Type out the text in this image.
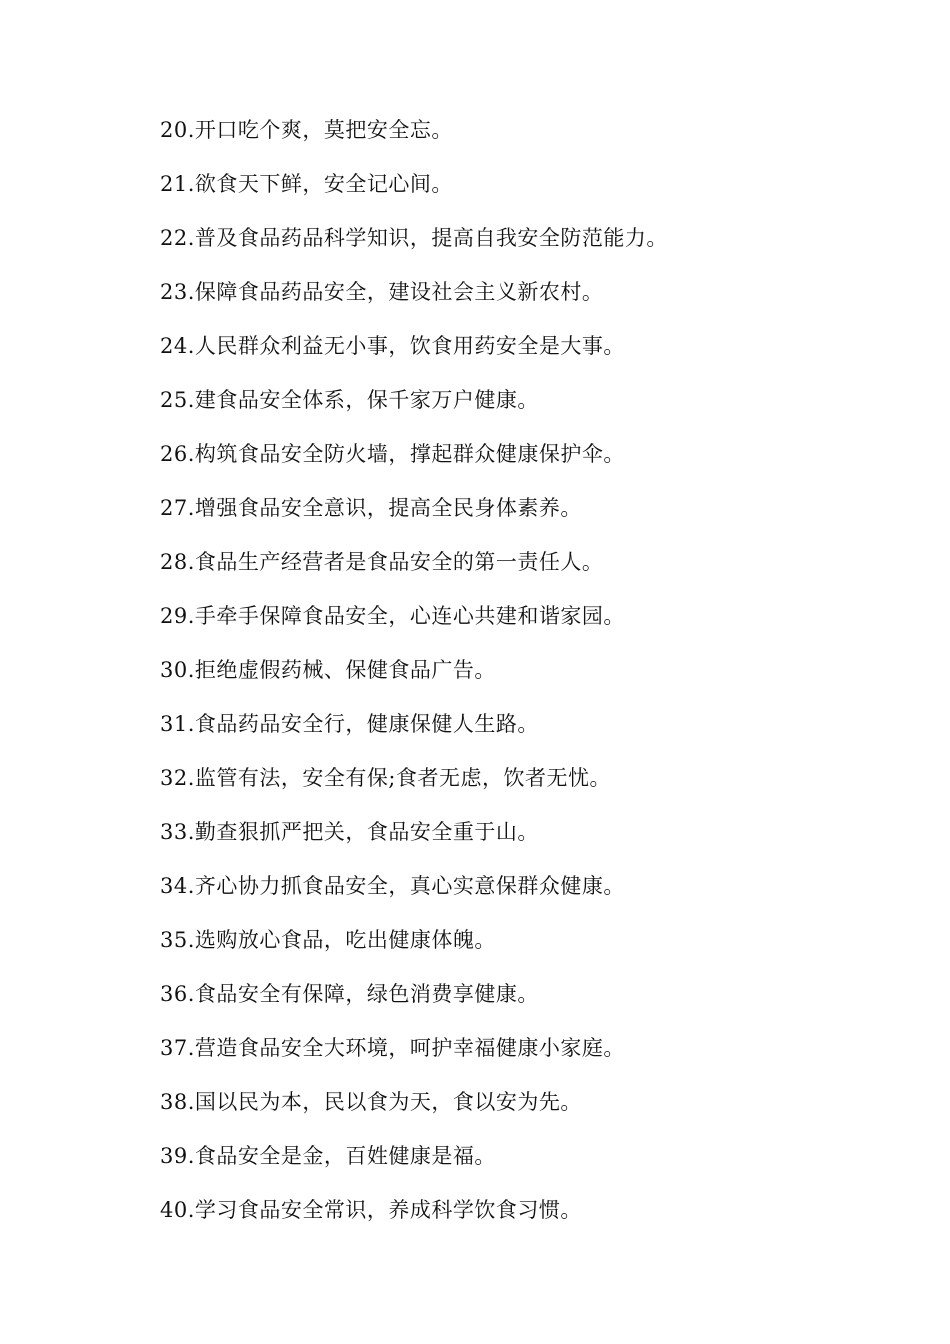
20.开口吃个爽，莫把安全忘。
21.欲食天下鲜，安全记心间。
22.普及食品药品科学知识，提高自我安全防范能力。
23.保障食品药品安全，建设社会主义新农村。
24.人民群众利益无小事，饮食用药安全是大事。
25.建食品安全体系，保千家万户健康。
26.构筑食品安全防火墙，撑起群众健康保护伞。
27.增强食品安全意识，提高全民身体素养。
28.食品生产经营者是食品安全的第一责任人。
29.手牵手保障食品安全，心连心共建和谐家园。
30.拒绝虚假药械、保健食品广告。
31.食品药品安全行，健康保健人生路。
32.监管有法，安全有保;食者无虑，饮者无忧。
33.勤查狠抓严把关，食品安全重于山。
34.齐心协力抓食品安全，真心实意保群众健康。
35.选购放心食品，吃出健康体魄。
36.食品安全有保障，绿色消费享健康。
37.营造食品安全大环境，呵护幸福健康小家庭。
38.国以民为本，民以食为天，食以安为先。
39.食品安全是金，百姓健康是福。
40.学习食品安全常识，养成科学饮食习惯。
